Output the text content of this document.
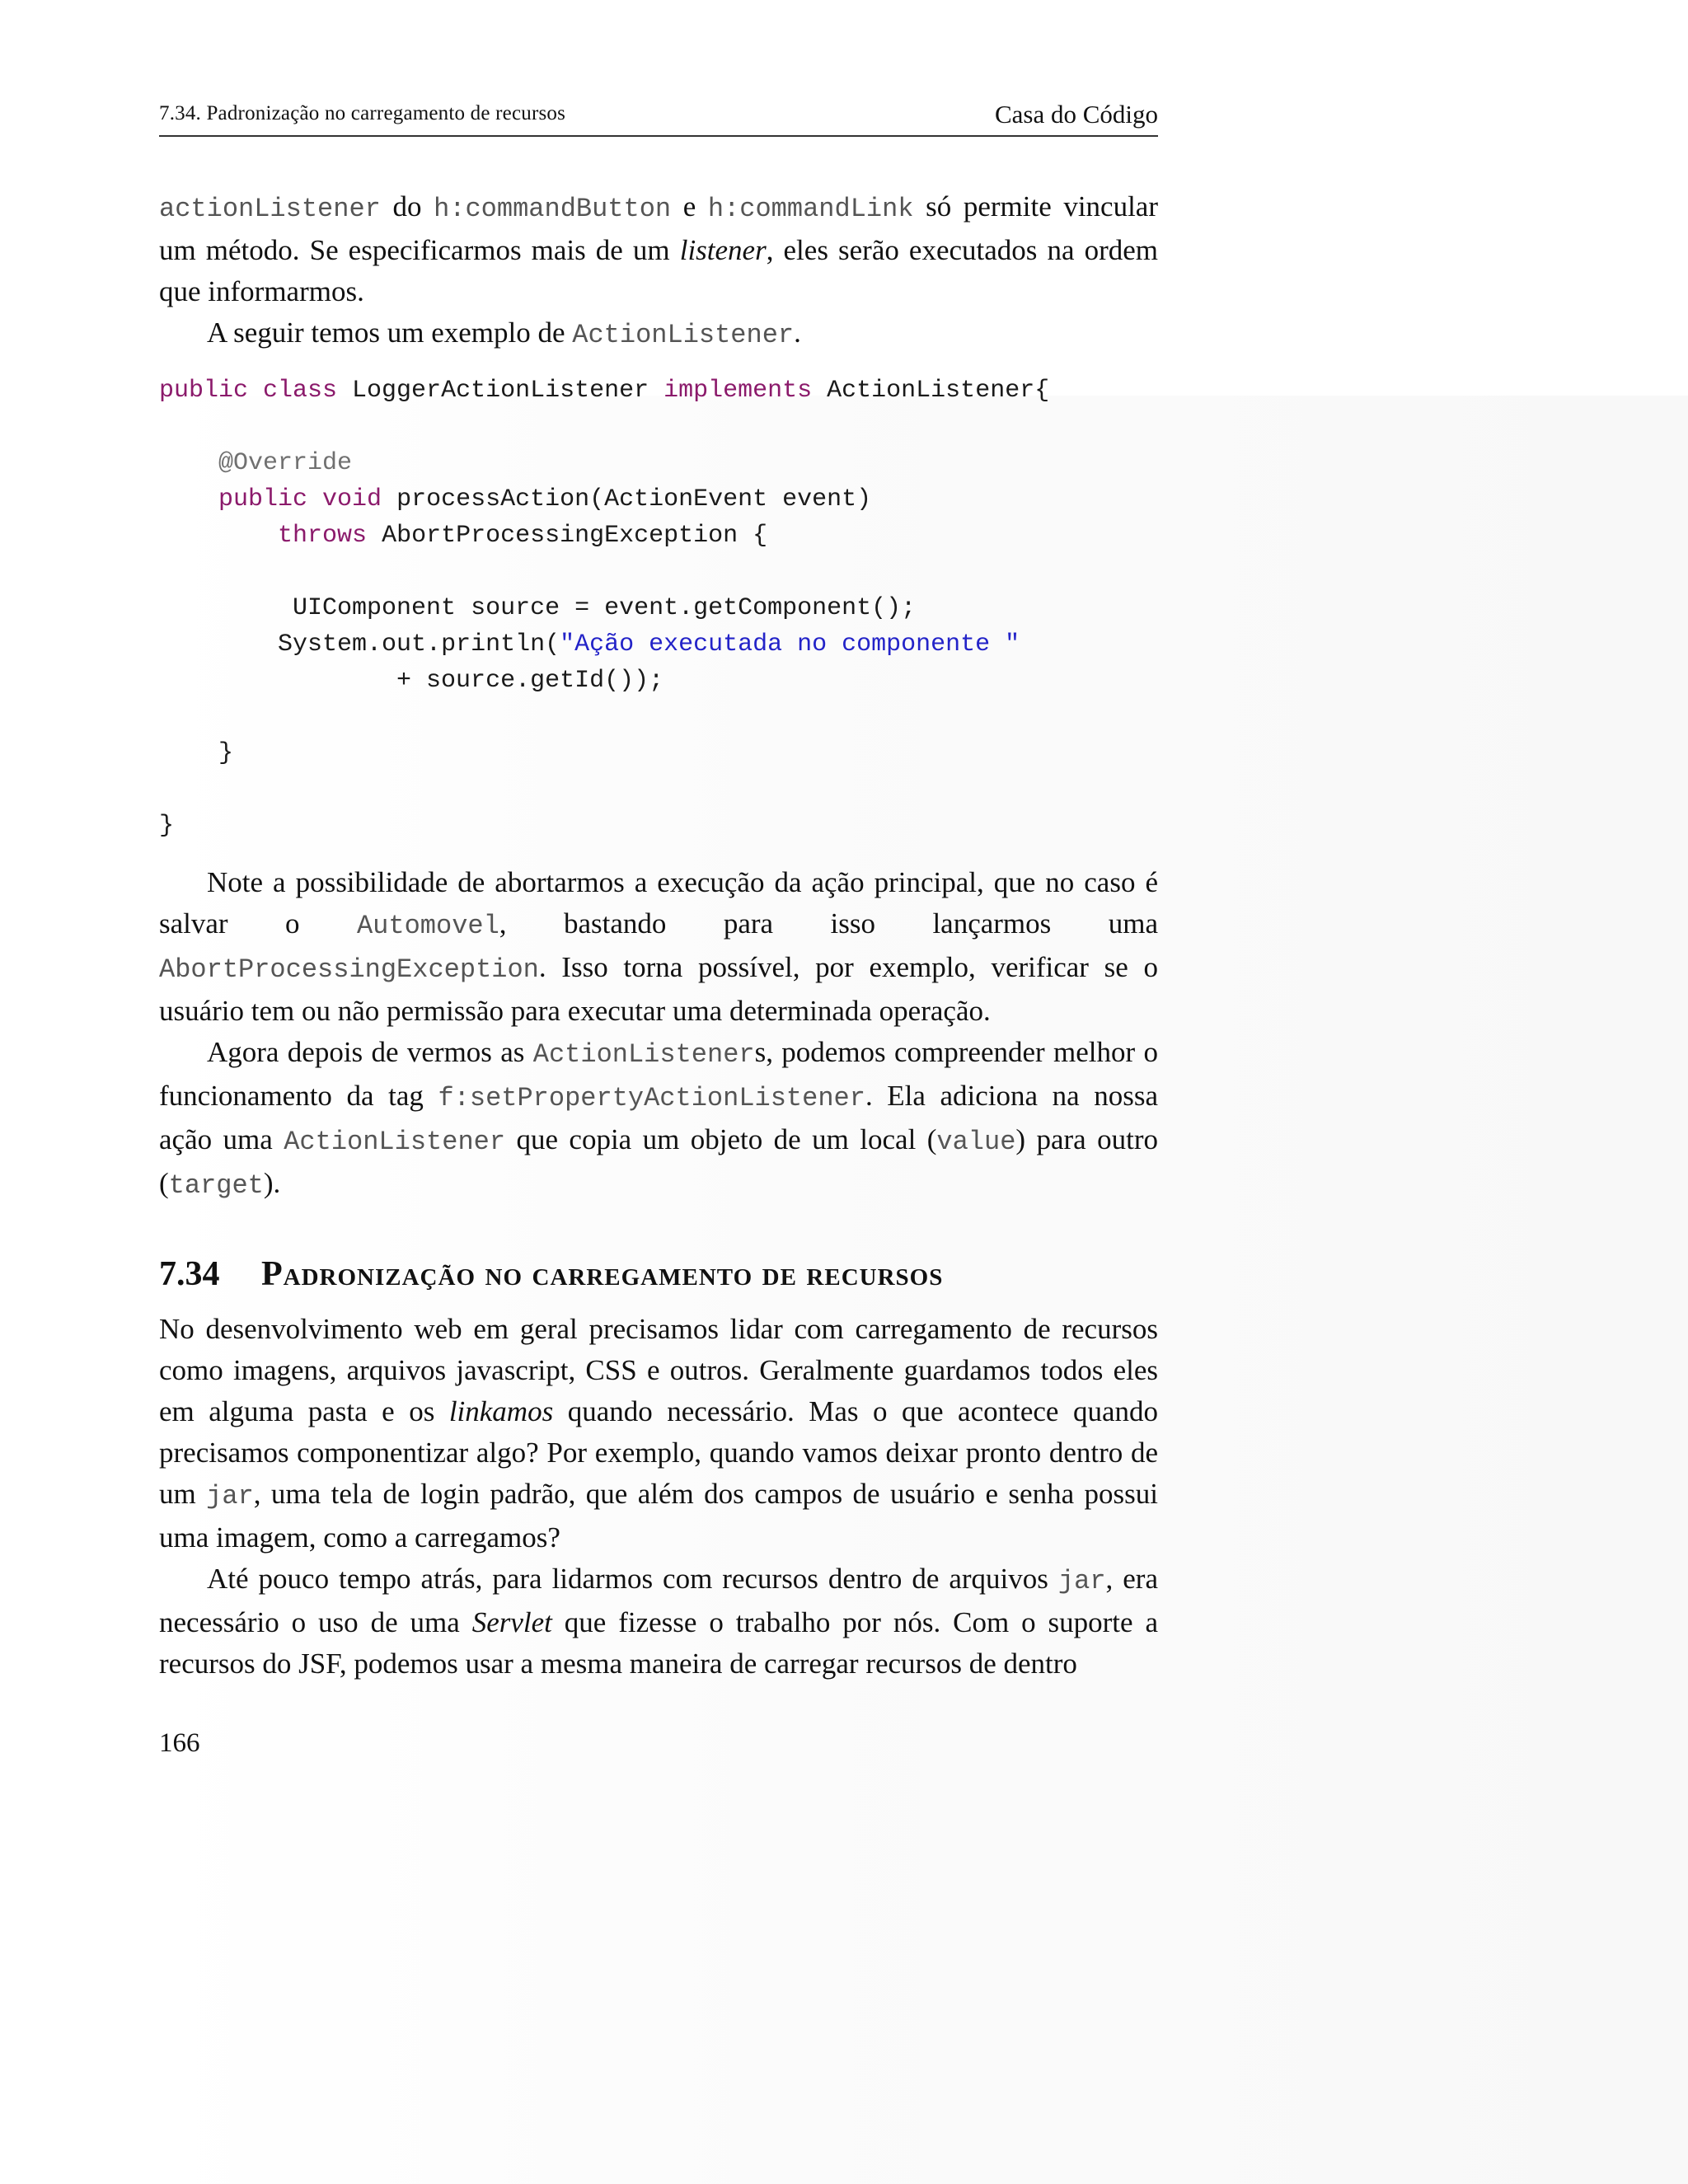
7.34. Padronização no carregamento de recursos	Casa do Código

actionListener do h:commandButton e h:commandLink só permite vincular um método. Se especificarmos mais de um listener, eles serão executados na ordem que informarmos.

A seguir temos um exemplo de ActionListener.

public class LoggerActionListener implements ActionListener{

@Override
public void processAction(ActionEvent event)
throws AbortProcessingException {

UIComponent source = event.getComponent();
System.out.println("Ação executada no componente "
+ source.getId());

}

}

Note a possibilidade de abortarmos a execução da ação principal, que no caso é salvar o Automovel, bastando para isso lançarmos uma AbortProcessingException. Isso torna possível, por exemplo, verificar se o usuário tem ou não permissão para executar uma determinada operação.

Agora depois de vermos as ActionListeners, podemos compreender melhor o funcionamento da tag f:setPropertyActionListener. Ela adiciona na nossa ação uma ActionListener que copia um objeto de um local (value) para outro (target).

7.34	Padronização no carregamento de recursos

No desenvolvimento web em geral precisamos lidar com carregamento de recursos como imagens, arquivos javascript, CSS e outros. Geralmente guardamos todos eles em alguma pasta e os linkamos quando necessário. Mas o que acontece quando precisamos componentizar algo? Por exemplo, quando vamos deixar pronto dentro de um jar, uma tela de login padrão, que além dos campos de usuário e senha possui uma imagem, como a carregamos?

Até pouco tempo atrás, para lidarmos com recursos dentro de arquivos jar, era necessário o uso de uma Servlet que fizesse o trabalho por nós. Com o suporte a recursos do JSF, podemos usar a mesma maneira de carregar recursos de dentro

166
